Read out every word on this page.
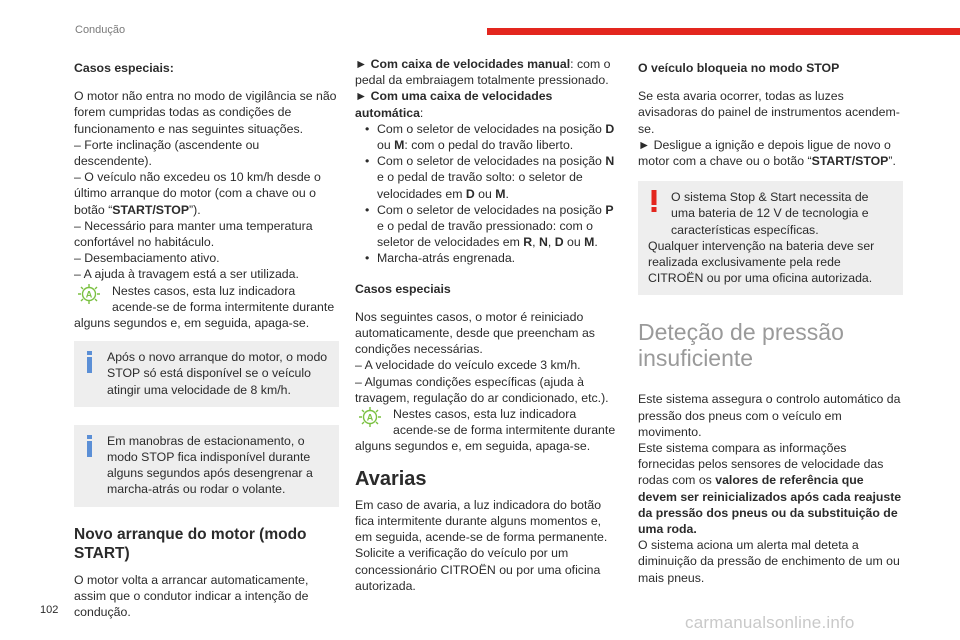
Condução

Casos especiais:

O motor não entra no modo de vigilância se não forem cumpridas todas as condições de funcionamento e nas seguintes situações.

– Forte inclinação (ascendente ou descendente).

– O veículo não excedeu os 10 km/h desde o último arranque do motor (com a chave ou o botão “START/STOP”).

– Necessário para manter uma temperatura confortável no habitáculo.

– Desembaciamento ativo.

– A ajuda à travagem está a ser utilizada.

A Nestes casos, esta luz indicadora acende-se de forma intermitente durante alguns segundos e, em seguida, apaga-se.

Após o novo arranque do motor, o modo STOP só está disponível se o veículo atingir uma velocidade de 8 km/h.
Em manobras de estacionamento, o modo STOP fica indisponível durante alguns segundos após desengrenar a marcha-atrás ou rodar o volante.

Novo arranque do motor (modo START)

O motor volta a arrancar automaticamente, assim que o condutor indicar a intenção de condução.

► Com caixa de velocidades manual: com o pedal da embraiagem totalmente pressionado.

► Com uma caixa de velocidades automática:

• Com o seletor de velocidades na posição D ou M: com o pedal do travão liberto.

• Com o seletor de velocidades na posição N e o pedal de travão solto: o seletor de velocidades em D ou M.

• Com o seletor de velocidades na posição P e o pedal de travão pressionado: com o seletor de velocidades em R, N, D ou M.

• Marcha-atrás engrenada.

Casos especiais

Nos seguintes casos, o motor é reiniciado automaticamente, desde que preencham as condições necessárias.

– A velocidade do veículo excede 3 km/h.

– Algumas condições específicas (ajuda à travagem, regulação do ar condicionado, etc.).

A Nestes casos, esta luz indicadora acende-se de forma intermitente durante alguns segundos e, em seguida, apaga-se.

Avarias

Em caso de avaria, a luz indicadora do botão fica intermitente durante alguns momentos e, em seguida, acende-se de forma permanente.

Solicite a verificação do veículo por um concessionário CITROËN ou por uma oficina autorizada.

O veículo bloqueia no modo STOP

Se esta avaria ocorrer, todas as luzes avisadoras do painel de instrumentos acendem-se.

► Desligue a ignição e depois ligue de novo o motor com a chave ou o botão “START/STOP”.

O sistema Stop & Start necessita de uma bateria de 12 V de tecnologia e características específicas.
Qualquer intervenção na bateria deve ser realizada exclusivamente pela rede CITROËN ou por uma oficina autorizada.

Deteção de pressão insuficiente

Este sistema assegura o controlo automático da pressão dos pneus com o veículo em movimento.

Este sistema compara as informações fornecidas pelos sensores de velocidade das rodas com os valores de referência que devem ser reinicializados após cada reajuste da pressão dos pneus ou da substituição de uma roda.

O sistema aciona um alerta mal deteta a diminuição da pressão de enchimento de um ou mais pneus.

102
carmanualsonline.info
